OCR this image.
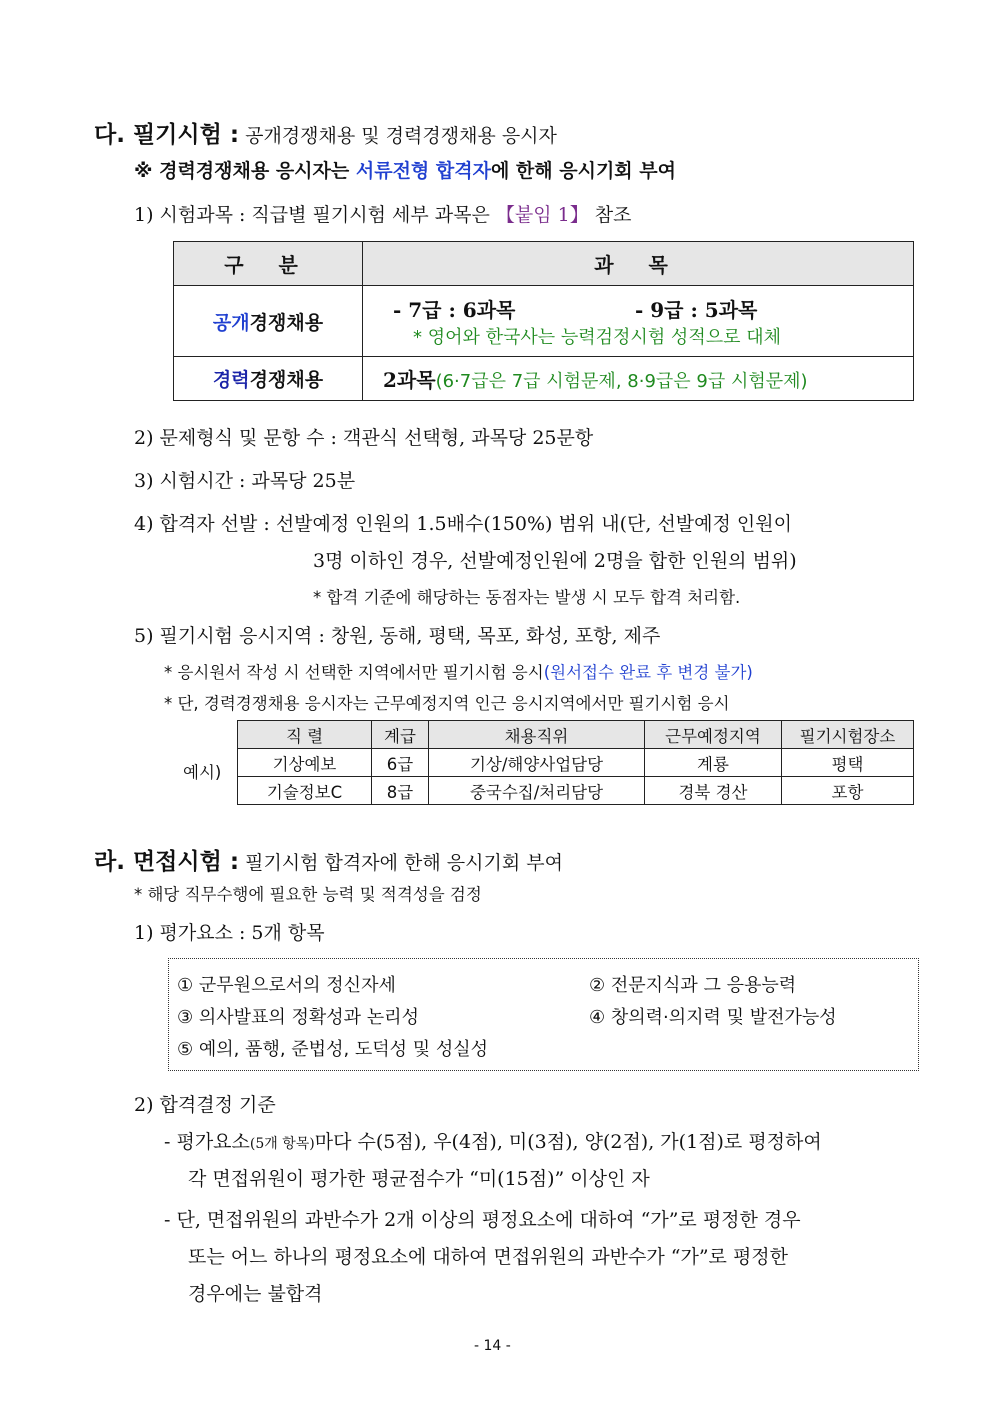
다. 필기시험 : 공개경쟁채용 및 경력경쟁채용 응시자
※ 경력경쟁채용 응시자는 서류전형 합격자에 한해 응시기회 부여
1) 시험과목 : 직급별 필기시험 세부 과목은 【붙임 1】 참조
구 분	과 목
공개경쟁채용	- 7급 : 6과목 - 9급 : 5과목
* 영어와 한국사는 능력검정시험 성적으로 대체

경력경쟁채용	2과목(6·7급은 7급 시험문제, 8·9급은 9급 시험문제)
2) 문제형식 및 문항 수 : 객관식 선택형, 과목당 25문항
3) 시험시간 : 과목당 25분
4) 합격자 선발 : 선발예정 인원의 1.5배수(150%) 범위 내(단, 선발예정 인원이
3명 이하인 경우, 선발예정인원에 2명을 합한 인원의 범위)
* 합격 기준에 해당하는 동점자는 발생 시 모두 합격 처리함.
5) 필기시험 응시지역 : 창원, 동해, 평택, 목포, 화성, 포항, 제주
* 응시원서 작성 시 선택한 지역에서만 필기시험 응시(원서접수 완료 후 변경 불가)
* 단, 경력경쟁채용 응시자는 근무예정지역 인근 응시지역에서만 필기시험 응시
예시)
직 렬	계급	채용직위	근무예정지역	필기시험장소
기상예보	6급	기상/해양사업담당	계룡	평택
기술정보C	8급	중국수집/처리담당	경북 경산	포항
라. 면접시험 : 필기시험 합격자에 한해 응시기회 부여
* 해당 직무수행에 필요한 능력 및 적격성을 검정
1) 평가요소 : 5개 항목
① 군무원으로서의 정신자세	② 전문지식과 그 응용능력
③ 의사발표의 정확성과 논리성	④ 창의력·의지력 및 발전가능성
⑤ 예의, 품행, 준법성, 도덕성 및 성실성
2) 합격결정 기준
- 평가요소(5개 항목)마다 수(5점), 우(4점), 미(3점), 양(2점), 가(1점)로 평정하여
각 면접위원이 평가한 평균점수가 “미(15점)” 이상인 자
- 단, 면접위원의 과반수가 2개 이상의 평정요소에 대하여 “가”로 평정한 경우
또는 어느 하나의 평정요소에 대하여 면접위원의 과반수가 “가”로 평정한
경우에는 불합격
- 14 -
